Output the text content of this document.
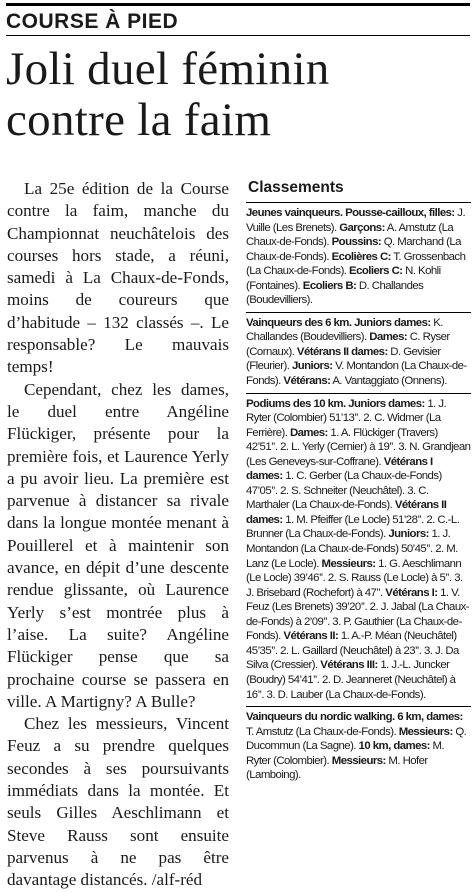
COURSE À PIED
Joli duel féminin
contre la faim

La 25e édition de la Course contre la faim, manche du Championnat neuchâtelois des courses hors stade, a réuni, samedi à La Chaux-de-Fonds, moins de coureurs que d’habitude – 132 classés –. Le responsable? Le mauvais temps!

Cependant, chez les dames, le duel entre Angéline Flückiger, présente pour la première fois, et Laurence Yerly a pu avoir lieu. La première est parvenue à distancer sa rivale dans la longue montée menant à Pouillerel et à maintenir son avance, en dépit d’une descente rendue glissante, où Laurence Yerly s’est montrée plus à l’aise. La suite? Angéline Flückiger pense que sa prochaine course se passera en ville. A Martigny? A Bulle?

Chez les messieurs, Vincent Feuz a su prendre quelques secondes à ses poursuivants immédiats dans la montée. Et seuls Gilles Aeschlimann et Steve Rauss sont ensuite parvenus à ne pas être davantage distancés. /alf-réd

Classements
Jeunes vainqueurs. Pousse-cailloux, filles: J. Vuille (Les Brenets). Garçons: A. Amstutz (La Chaux-de-Fonds). Poussins: Q. Marchand (La Chaux-de-Fonds). Ecolières C: T. Grossenbach (La Chaux-de-Fonds). Ecoliers C: N. Kohli (Fontaines). Ecoliers B: D. Challandes (Boudevilliers).
Vainqueurs des 6 km. Juniors dames: K. Challandes (Boudevilliers). Dames: C. Ryser (Cornaux). Vétérans II dames: D. Gevisier (Fleurier). Juniors: V. Montandon (La Chaux-de-Fonds). Vétérans: A. Vantaggiato (Onnens).
Podiums des 10 km. Juniors dames: 1. J. Ryter (Colombier) 51’13’’. 2. C. Widmer (La Ferrière). Dames: 1. A. Flückiger (Travers) 42’51’’. 2. L. Yerly (Cernier) à 19’’. 3. N. Grandjean (Les Geneveys-sur-Coffrane). Vétérans I dames: 1. C. Gerber (La Chaux-de-Fonds) 47’05’’. 2. S. Schneiter (Neuchâtel). 3. C. Marthaler (La Chaux-de-Fonds). Vétérans II dames: 1. M. Pfeiffer (Le Locle) 51’28’’. 2. C.-L. Brunner (La Chaux-de-Fonds). Juniors: 1. J. Montandon (La Chaux-de-Fonds) 50’45’’. 2. M. Lanz (Le Locle). Messieurs: 1. G. Aeschlimann (Le Locle) 39’46’’. 2. S. Rauss (Le Locle) à 5’’. 3. J. Brisebard (Rochefort) à 47’’. Vétérans I: 1. V. Feuz (Les Brenets) 39’20’’. 2. J. Jabal (La Chaux-de-Fonds) à 2’09’’. 3. P. Gauthier (La Chaux-de-Fonds). Vétérans II: 1. A.-P. Méan (Neuchâtel) 45’35’’. 2. L. Gaillard (Neuchâtel) à 23’’. 3. J. Da Silva (Cressier). Vétérans III: 1. J.-L. Juncker (Boudry) 54’41’’. 2. D. Jeanneret (Neuchâtel) à 16’’. 3. D. Lauber (La Chaux-de-Fonds).
Vainqueurs du nordic walking. 6 km, dames: T. Amstutz (La Chaux-de-Fonds). Messieurs: Q. Ducommun (La Sagne). 10 km, dames: M. Ryter (Colombier). Messieurs: M. Hofer (Lamboing).
